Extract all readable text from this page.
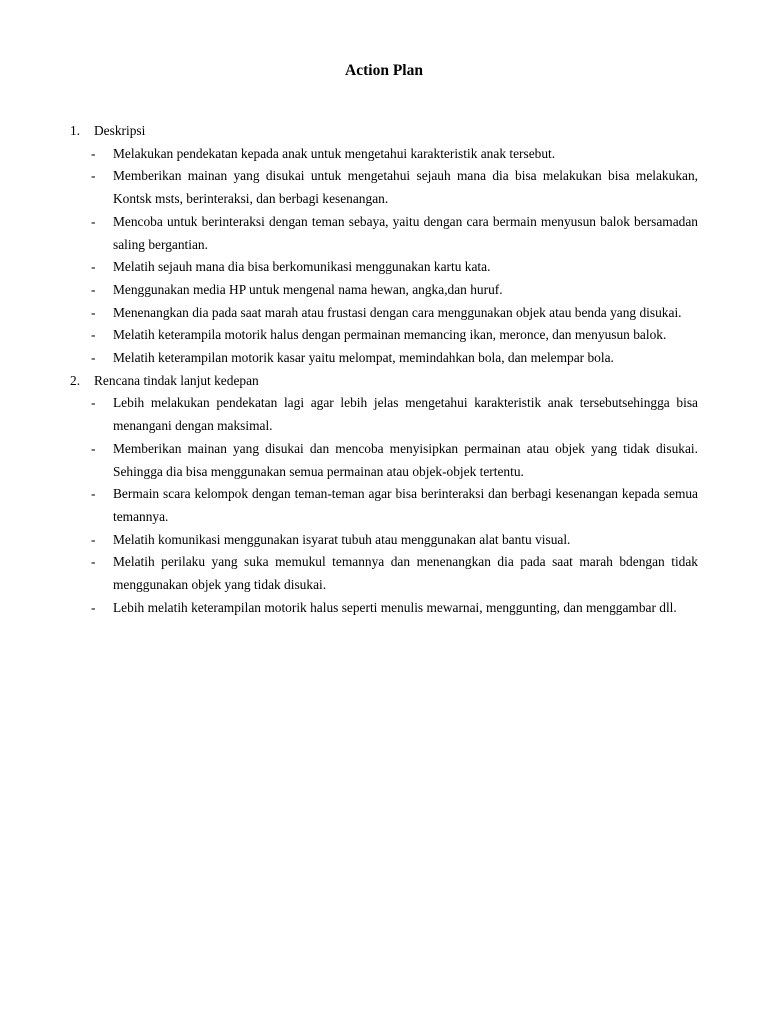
Action Plan
1.	Deskripsi
-	Melakukan pendekatan kepada anak untuk mengetahui karakteristik anak tersebut.
-	Memberikan mainan yang disukai untuk mengetahui sejauh mana dia bisa melakukan bisa melakukan, Kontsk msts, berinteraksi, dan berbagi kesenangan.
-	Mencoba untuk berinteraksi dengan teman sebaya, yaitu dengan cara bermain menyusun balok bersamadan saling bergantian.
-	Melatih sejauh mana dia bisa berkomunikasi menggunakan kartu kata.
-	Menggunakan media HP untuk mengenal nama hewan, angka,dan huruf.
-	Menenangkan dia pada saat marah atau frustasi dengan cara menggunakan objek atau benda yang disukai.
-	Melatih keterampila motorik halus dengan permainan memancing ikan, meronce, dan menyusun balok.
-	Melatih keterampilan motorik kasar yaitu melompat, memindahkan bola, dan melempar bola.
2.	Rencana tindak lanjut kedepan
-	Lebih melakukan pendekatan lagi agar lebih jelas mengetahui karakteristik anak tersebutsehingga bisa menangani dengan maksimal.
-	Memberikan mainan yang disukai dan mencoba menyisipkan permainan atau objek yang tidak disukai. Sehingga dia bisa menggunakan semua permainan atau objek-objek tertentu.
-	Bermain scara kelompok dengan teman-teman agar bisa berinteraksi dan berbagi kesenangan kepada semua temannya.
-	Melatih komunikasi menggunakan isyarat tubuh atau menggunakan alat bantu visual.
-	Melatih perilaku yang suka memukul temannya dan menenangkan dia pada saat marah bdengan tidak menggunakan objek yang tidak disukai.
-	Lebih melatih keterampilan motorik halus seperti menulis mewarnai, menggunting, dan menggambar dll.
